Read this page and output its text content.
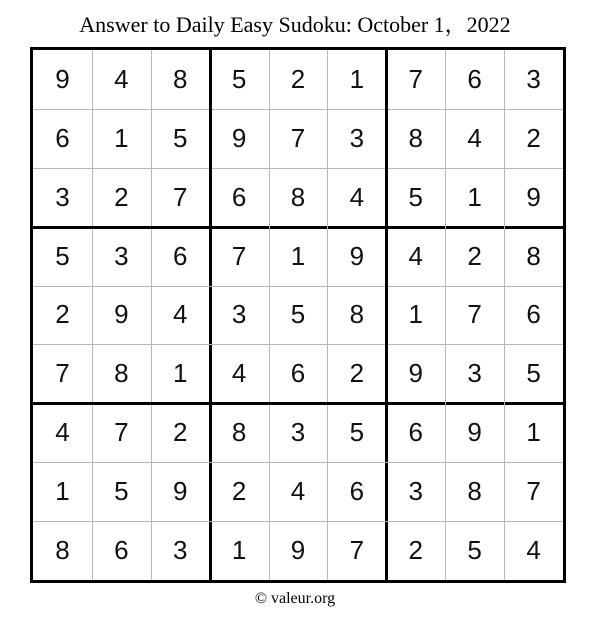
Answer to Daily Easy Sudoku: October 1，2022
9	4	8	5	2	1	7	6	3
6	1	5	9	7	3	8	4	2
3	2	7	6	8	4	5	1	9
5	3	6	7	1	9	4	2	8
2	9	4	3	5	8	1	7	6
7	8	1	4	6	2	9	3	5
4	7	2	8	3	5	6	9	1
1	5	9	2	4	6	3	8	7
8	6	3	1	9	7	2	5	4
© valeur.org
